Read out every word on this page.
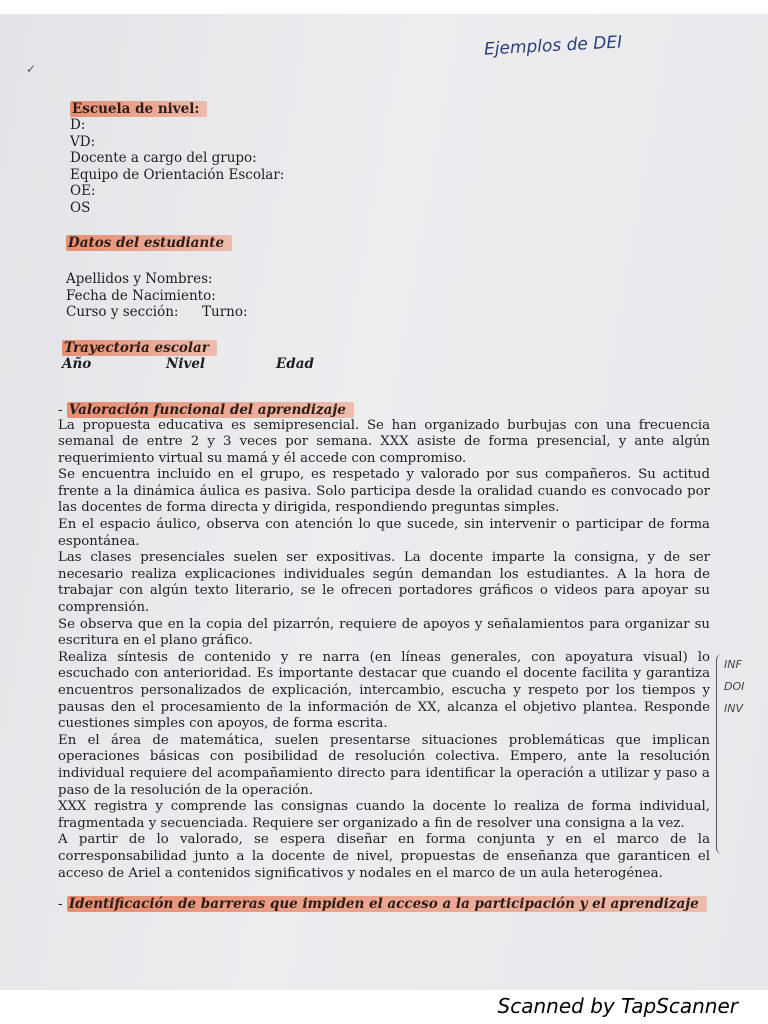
✓
Ejemplos de DEI
Escuela de nivel:
D:
VD:
Docente a cargo del grupo:
Equipo de Orientación Escolar:
OE:
OS
Datos del estudiante
Apellidos y Nombres:
Fecha de Nacimiento:
Curso y sección:	Turno:
Trayectoria escolar
Año	Nivel	Edad
- Valoración funcional del aprendizaje

La propuesta educativa es semipresencial. Se han organizado burbujas con una frecuencia semanal de entre 2 y 3 veces por semana. XXX asiste de forma presencial, y ante algún requerimiento virtual su mamá y él accede con compromiso.

Se encuentra incluido en el grupo, es respetado y valorado por sus compañeros. Su actitud frente a la dinámica áulica es pasiva. Solo participa desde la oralidad cuando es convocado por las docentes de forma directa y dirigida, respondiendo preguntas simples.

En el espacio áulico, observa con atención lo que sucede, sin intervenir o participar de forma espontánea.

Las clases presenciales suelen ser expositivas. La docente imparte la consigna, y de ser necesario realiza explicaciones individuales según demandan los estudiantes. A la hora de trabajar con algún texto literario, se le ofrecen portadores gráficos o videos para apoyar su comprensión.

Se observa que en la copia del pizarrón, requiere de apoyos y señalamientos para organizar su escritura en el plano gráfico.

Realiza síntesis de contenido y re narra (en líneas generales, con apoyatura visual) lo escuchado con anterioridad. Es importante destacar que cuando el docente facilita y garantiza encuentros personalizados de explicación, intercambio, escucha y respeto por los tiempos y pausas den el procesamiento de la información de XX, alcanza el objetivo plantea. Responde cuestiones simples con apoyos, de forma escrita.

En el área de matemática, suelen presentarse situaciones problemáticas que implican operaciones básicas con posibilidad de resolución colectiva. Empero, ante la resolución individual requiere del acompañamiento directo para identificar la operación a utilizar y paso a paso de la resolución de la operación.

XXX registra y comprende las consignas cuando la docente lo realiza de forma individual, fragmentada y secuenciada. Requiere ser organizado a fin de resolver una consigna a la vez.

A partir de lo valorado, se espera diseñar en forma conjunta y en el marco de la corresponsabilidad junto a la docente de nivel, propuestas de enseñanza que garanticen el acceso de Ariel a contenidos significativos y nodales en el marco de un aula heterogénea.

- Identificación de barreras que impiden el acceso a la participación y el aprendizaje
INF
DOI
INV
Scanned by TapScanner
